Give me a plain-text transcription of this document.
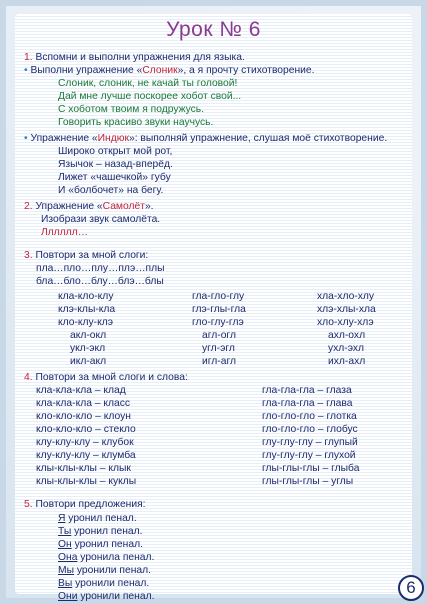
Урок № 6
1. Вспомни и выполни упражнения для языка.
• Выполни упражнение «Слоник», а я прочту стихотворение.
Слоник, слоник, не качай ты головой!
Дай мне лучше поскорее хобот свой...
С хоботом твоим я подружусь.
Говорить красиво звуки научусь.
• Упражнение «Индюк»: выполняй упражнение, слушая моё стихотворение.
Широко открыт мой рот,
Язычок – назад-вперёд.
Лижет «чашечкой» губу
И «болбочет» на бегу.
2. Упражнение «Самолёт».
Изобрази звук самолёта.
Лллллл…
3. Повтори за мной слоги:
пла…пло…плу…плэ…плы
бла…бло…блу…блэ…блы
кла-кло-клу
клэ-клы-кла
кло-клу-клэ
акл-окл
укл-экл
икл-акл
гла-гло-глу
глэ-глы-гла
гло-глу-глэ
агл-огл
угл-эгл
игл-агл
хла-хло-хлу
хлэ-хлы-хла
хло-хлу-хлэ
ахл-охл
ухл-эхл
ихл-ахл
4. Повтори за мной слоги и слова:
кла-кла-кла – клад
кла-кла-кла – класс
кло-кло-кло – клоун
кло-кло-кло – стекло
клу-клу-клу – клубок
клу-клу-клу – клумба
клы-клы-клы – клык
клы-клы-клы – куклы
гла-гла-гла – глаза
гла-гла-гла – глава
гло-гло-гло – глотка
гло-гло-гло – глобус
глу-глу-глу – глупый
глу-глу-глу – глухой
глы-глы-глы – глыба
глы-глы-глы – углы
5. Повтори предложения:
Я уронил пенал.
Ты уронил пенал.
Он уронил пенал.
Она уронила пенал.
Мы уронили пенал.
Вы уронили пенал.
Они уронили пенал.	6
